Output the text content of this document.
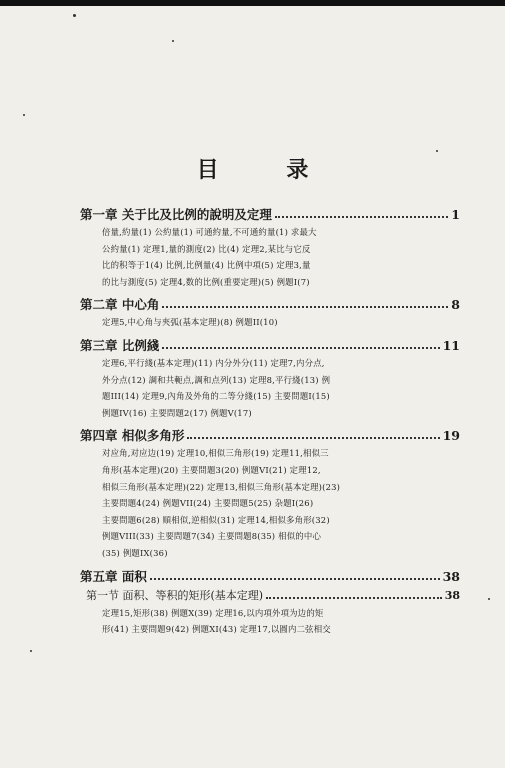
目 录
第一章 关于比及比例的說明及定理	1
倍量,約量(1) 公約量(1) 可通約量,不可通約量(1) 求最大
公約量(1) 定理1,量的測度(2) 比(4) 定理2,某比与它反
比的积等于1(4) 比例,比例量(4) 比例中項(5) 定理3,量
的比与測度(5) 定理4,数的比例(重要定理)(5) 例題I(7)
第二章 中心角	8
定理5,中心角与夾弧(基本定理)(8) 例題II(10)
第三章 比例綫	11
定理6,平行綫(基本定理)(11) 内分外分(11) 定理7,内分点,
外分点(12) 調和共軛点,調和点列(13) 定理8,平行綫(13) 例
題III(14) 定理9,內角及外角的二等分綫(15) 主要問題I(15)
例題IV(16) 主要問題2(17) 例題V(17)
第四章 相似多角形	19
对应角,对应边(19) 定理10,相似三角形(19) 定理11,相似三
角形(基本定理)(20) 主要問題3(20) 例題VI(21) 定理12,
相似三角形(基本定理)(22) 定理13,相似三角形(基本定理)(23)
主要問題4(24) 例題VII(24) 主要問題5(25) 杂題I(26)
主要問題6(28) 順相似,逆相似(31) 定理14,相似多角形(32)
例題VIII(33) 主要問題7(34) 主要問題8(35) 相似的中心
(35) 例題IX(36)
第五章 面积	38
第一节 面积、等积的矩形(基本定理)	38
定理15,矩形(38) 例題X(39) 定理16,以内項外項为边的矩
形(41) 主要問題9(42) 例題XI(43) 定理17,以圓内二弦相交
